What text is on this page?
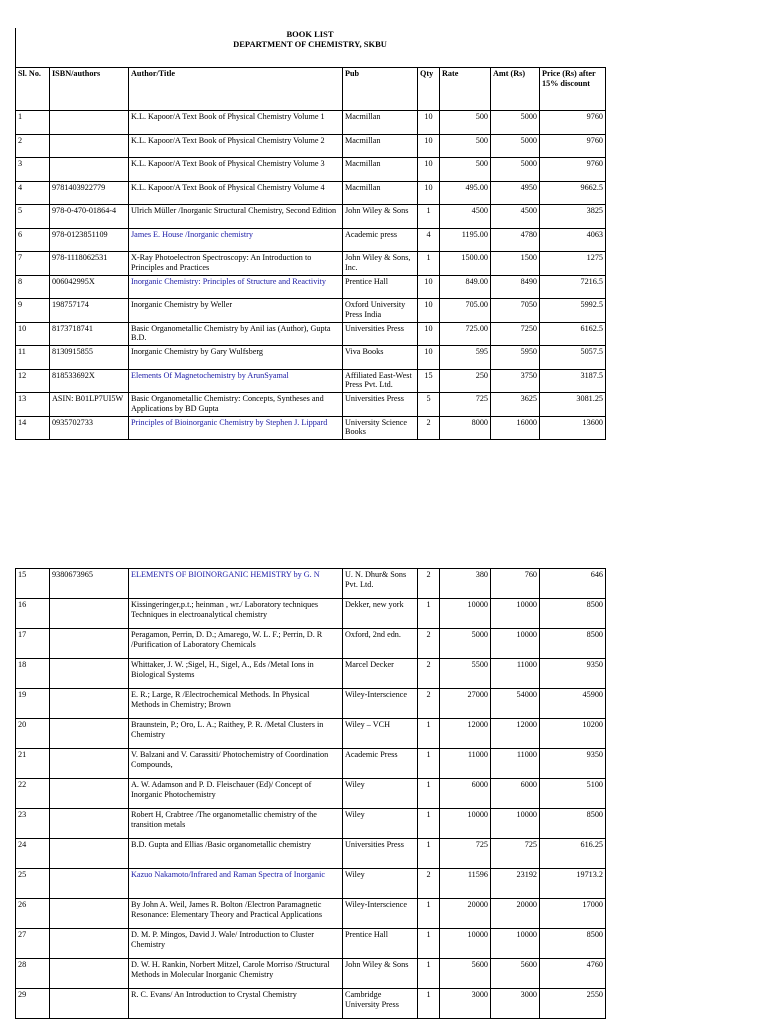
BOOK LIST
DEPARTMENT OF CHEMISTRY, SKBU
Sl. No.	ISBN/authors	Author/Title	Pub	Qty	Rate	Amt (Rs)	Price (Rs) after 15% discount
1		K.L. Kapoor/A Text Book of Physical Chemistry Volume 1	Macmillan	10	500	5000	9760
2		K.L. Kapoor/A Text Book of Physical Chemistry Volume 2	Macmillan	10	500	5000	9760
3		K.L. Kapoor/A Text Book of Physical Chemistry Volume 3	Macmillan	10	500	5000	9760
4	9781403922779	K.L. Kapoor/A Text Book of Physical Chemistry Volume 4	Macmillan	10	495.00	4950	9662.5
5	978-0-470-01864-4	Ulrich Müller /Inorganic Structural Chemistry, Second Edition	John Wiley & Sons	1	4500	4500	3825
6	978-0123851109	James E. House /Inorganic chemistry	Academic press	4	1195.00	4780	4063
7	978-1118062531	X-Ray Photoelectron Spectroscopy: An Introduction to Principles and Practices	John Wiley & Sons, Inc.	1	1500.00	1500	1275
8	006042995X	Inorganic Chemistry: Principles of Structure and Reactivity	Prentice Hall	10	849.00	8490	7216.5
9	198757174	Inorganic Chemistry by Weller	Oxford University Press India	10	705.00	7050	5992.5
10	8173718741	Basic Organometallic Chemistry by Anil ias (Author), Gupta B.D.	Universities Press	10	725.00	7250	6162.5
11	8130915855	Inorganic Chemistry by Gary Wulfsberg	Viva Books	10	595	5950	5057.5
12	818533692X	Elements Of Magnetochemistry by ArunSyamal	Affiliated East-West Press Pvt. Ltd.	15	250	3750	3187.5
13	ASIN: B01LP7UI5W	Basic Organometallic Chemistry: Concepts, Syntheses and Applications by BD Gupta	Universities Press	5	725	3625	3081.25
14	0935702733	Principles of Bioinorganic Chemistry by Stephen J. Lippard	University Science Books	2	8000	16000	13600
15	9380673965	ELEMENTS OF BIOINORGANIC HEMISTRY by G. N	U. N. Dhur& Sons Pvt. Ltd.	2	380	760	646
16		Kissingeringer,p.t.; heinman , wr./ Laboratory techniques Techniques in electroanalytical chemistry	Dekker, new york	1	10000	10000	8500
17		Peragamon, Perrin, D. D.; Amarego, W. L. F.; Perrin, D. R /Purification of Laboratory Chemicals	Oxford, 2nd edn.	2	5000	10000	8500
18		Whittaker, J. W. ;Sigel, H., Sigel, A., Eds /Metal Ions in Biological Systems	Marcel Decker	2	5500	11000	9350
19		E. R.; Large, R /Electrochemical Methods. In Physical Methods in Chemistry; Brown	Wiley-Interscience	2	27000	54000	45900
20		Braunstein, P.; Oro, L. A.; Raithey, P. R. /Metal Clusters in Chemistry	Wiley – VCH	1	12000	12000	10200
21		V. Balzani and V. Carassiti/ Photochemistry of Coordination Compounds,	Academic Press	1	11000	11000	9350
22		A. W. Adamson and P. D. Fleischauer (Ed)/ Concept of Inorganic Photochemistry	Wiley	1	6000	6000	5100
23		Robert H, Crabtree /The organometallic chemistry of the transition metals	Wiley	1	10000	10000	8500
24		B.D. Gupta and Ellias /Basic organometallic chemistry	Universities Press	1	725	725	616.25
25		Kazuo Nakamoto/Infrared and Raman Spectra of Inorganic	Wiley	2	11596	23192	19713.2
26		By John A. Weil, James R. Bolton /Electron Paramagnetic Resonance: Elementary Theory and Practical Applications	Wiley-Interscience	1	20000	20000	17000
27		D. M. P. Mingos, David J. Wale/ Introduction to Cluster Chemistry	Prentice Hall	1	10000	10000	8500
28		D. W. H. Rankin, Norbert Mitzel, Carole Morriso /Structural Methods in Molecular Inorganic Chemistry	John Wiley & Sons	1	5600	5600	4760
29		R. C. Evans/ An Introduction to Crystal Chemistry	Cambridge University Press	1	3000	3000	2550
